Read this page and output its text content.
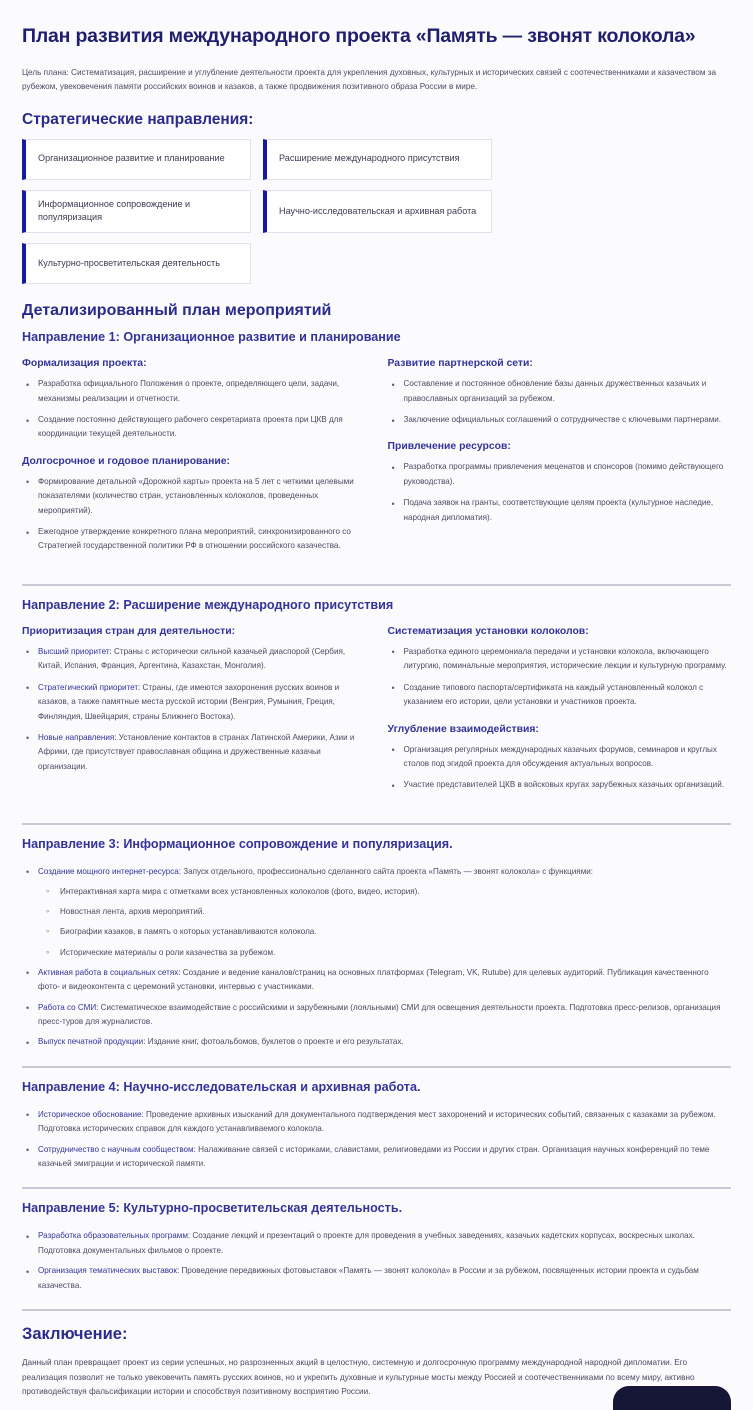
План развития международного проекта «Память — звонят колокола»

Цель плана: Систематизация, расширение и углубление деятельности проекта для укрепления духовных, культурных и исторических связей с соотечественниками и казачеством за рубежом, увековечения памяти российских воинов и казаков, а также продвижения позитивного образа России в мире.

Стратегические направления:
Организационное развитие и планирование	Расширение международного присутствия
Информационное сопровождение и популяризация
Научно-исследовательская и архивная работа
Культурно-просветительская деятельность
Детализированный план мероприятий
Направление 1: Организационное развитие и планирование
Формализация проекта:
• Разработка официального Положения о проекте, определяющего цели, задачи, механизмы реализации и отчетности.
• Создание постоянно действующего рабочего секретариата проекта при ЦКВ для координации текущей деятельности.
Долгосрочное и годовое планирование:
• Формирование детальной «Дорожной карты» проекта на 5 лет с четкими целевыми показателями (количество стран, установленных колоколов, проведенных мероприятий).
• Ежегодное утверждение конкретного плана мероприятий, синхронизированного со Стратегией государственной политики РФ в отношении российского казачества.
Развитие партнерской сети:
• Составление и постоянное обновление базы данных дружественных казачьих и православных организаций за рубежом.
• Заключение официальных соглашений о сотрудничестве с ключевыми партнерами.
Привлечение ресурсов:
• Разработка программы привлечения меценатов и спонсоров (помимо действующего руководства).
• Подача заявок на гранты, соответствующие целям проекта (культурное наследие, народная дипломатия).
Направление 2: Расширение международного присутствия
Приоритизация стран для деятельности:
• Высший приоритет: Страны с исторически сильной казачьей диаспорой (Сербия, Китай, Испания, Франция, Аргентина, Казахстан, Монголия).
• Стратегический приоритет: Страны, где имеются захоронения русских воинов и казаков, а также памятные места русской истории (Венгрия, Румыния, Греция, Финляндия, Швейцария, страны Ближнего Востока).
• Новые направления: Установление контактов в странах Латинской Америки, Азии и Африки, где присутствует православная община и дружественные казачьи организации.
Систематизация установки колоколов:
• Разработка единого церемониала передачи и установки колокола, включающего литургию, поминальные мероприятия, исторические лекции и культурную программу.
• Создание типового паспорта/сертификата на каждый установленный колокол с указанием его истории, цели установки и участников проекта.
Углубление взаимодействия:
• Организация регулярных международных казачьих форумов, семинаров и круглых столов под эгидой проекта для обсуждения актуальных вопросов.
• Участие представителей ЦКВ в войсковых кругах зарубежных казачьих организаций.
Направление 3: Информационное сопровождение и популяризация.
• Создание мощного интернет-ресурса: Запуск отдельного, профессионально сделанного сайта проекта «Память — звонят колокола» с функциями:
◦ Интерактивная карта мира с отметками всех установленных колоколов (фото, видео, история).
◦ Новостная лента, архив мероприятий.
◦ Биографии казаков, в память о которых устанавливаются колокола.
◦ Исторические материалы о роли казачества за рубежом.
• Активная работа в социальных сетях: Создание и ведение каналов/страниц на основных платформах (Telegram, VK, Rutube) для целевых аудиторий. Публикация качественного фото- и видеоконтента с церемоний установки, интервью с участниками.
• Работа со СМИ: Систематическое взаимодействие с российскими и зарубежными (лояльными) СМИ для освещения деятельности проекта. Подготовка пресс-релизов, организация пресс-туров для журналистов.
• Выпуск печатной продукции: Издание книг, фотоальбомов, буклетов о проекте и его результатах.
Направление 4: Научно-исследовательская и архивная работа.
• Историческое обоснование: Проведение архивных изысканий для документального подтверждения мест захоронений и исторических событий, связанных с казаками за рубежом. Подготовка исторических справок для каждого устанавливаемого колокола.
• Сотрудничество с научным сообществом: Налаживание связей с историками, славистами, религиоведами из России и других стран. Организация научных конференций по теме казачьей эмиграции и исторической памяти.
Направление 5: Культурно-просветительская деятельность.
• Разработка образовательных программ: Создание лекций и презентаций о проекте для проведения в учебных заведениях, казачьих кадетских корпусах, воскресных школах. Подготовка документальных фильмов о проекте.
• Организация тематических выставок: Проведение передвижных фотовыставок «Память — звонят колокола» в России и за рубежом, посвященных истории проекта и судьбам казачества.
Заключение:

Данный план превращает проект из серии успешных, но разрозненных акций в целостную, системную и долгосрочную программу международной народной дипломатии. Его реализация позволит не только увековечить память русских воинов, но и укрепить духовные и культурные мосты между Россией и соотечественниками по всему миру, активно противодействуя фальсификации истории и способствуя позитивному восприятию России.
